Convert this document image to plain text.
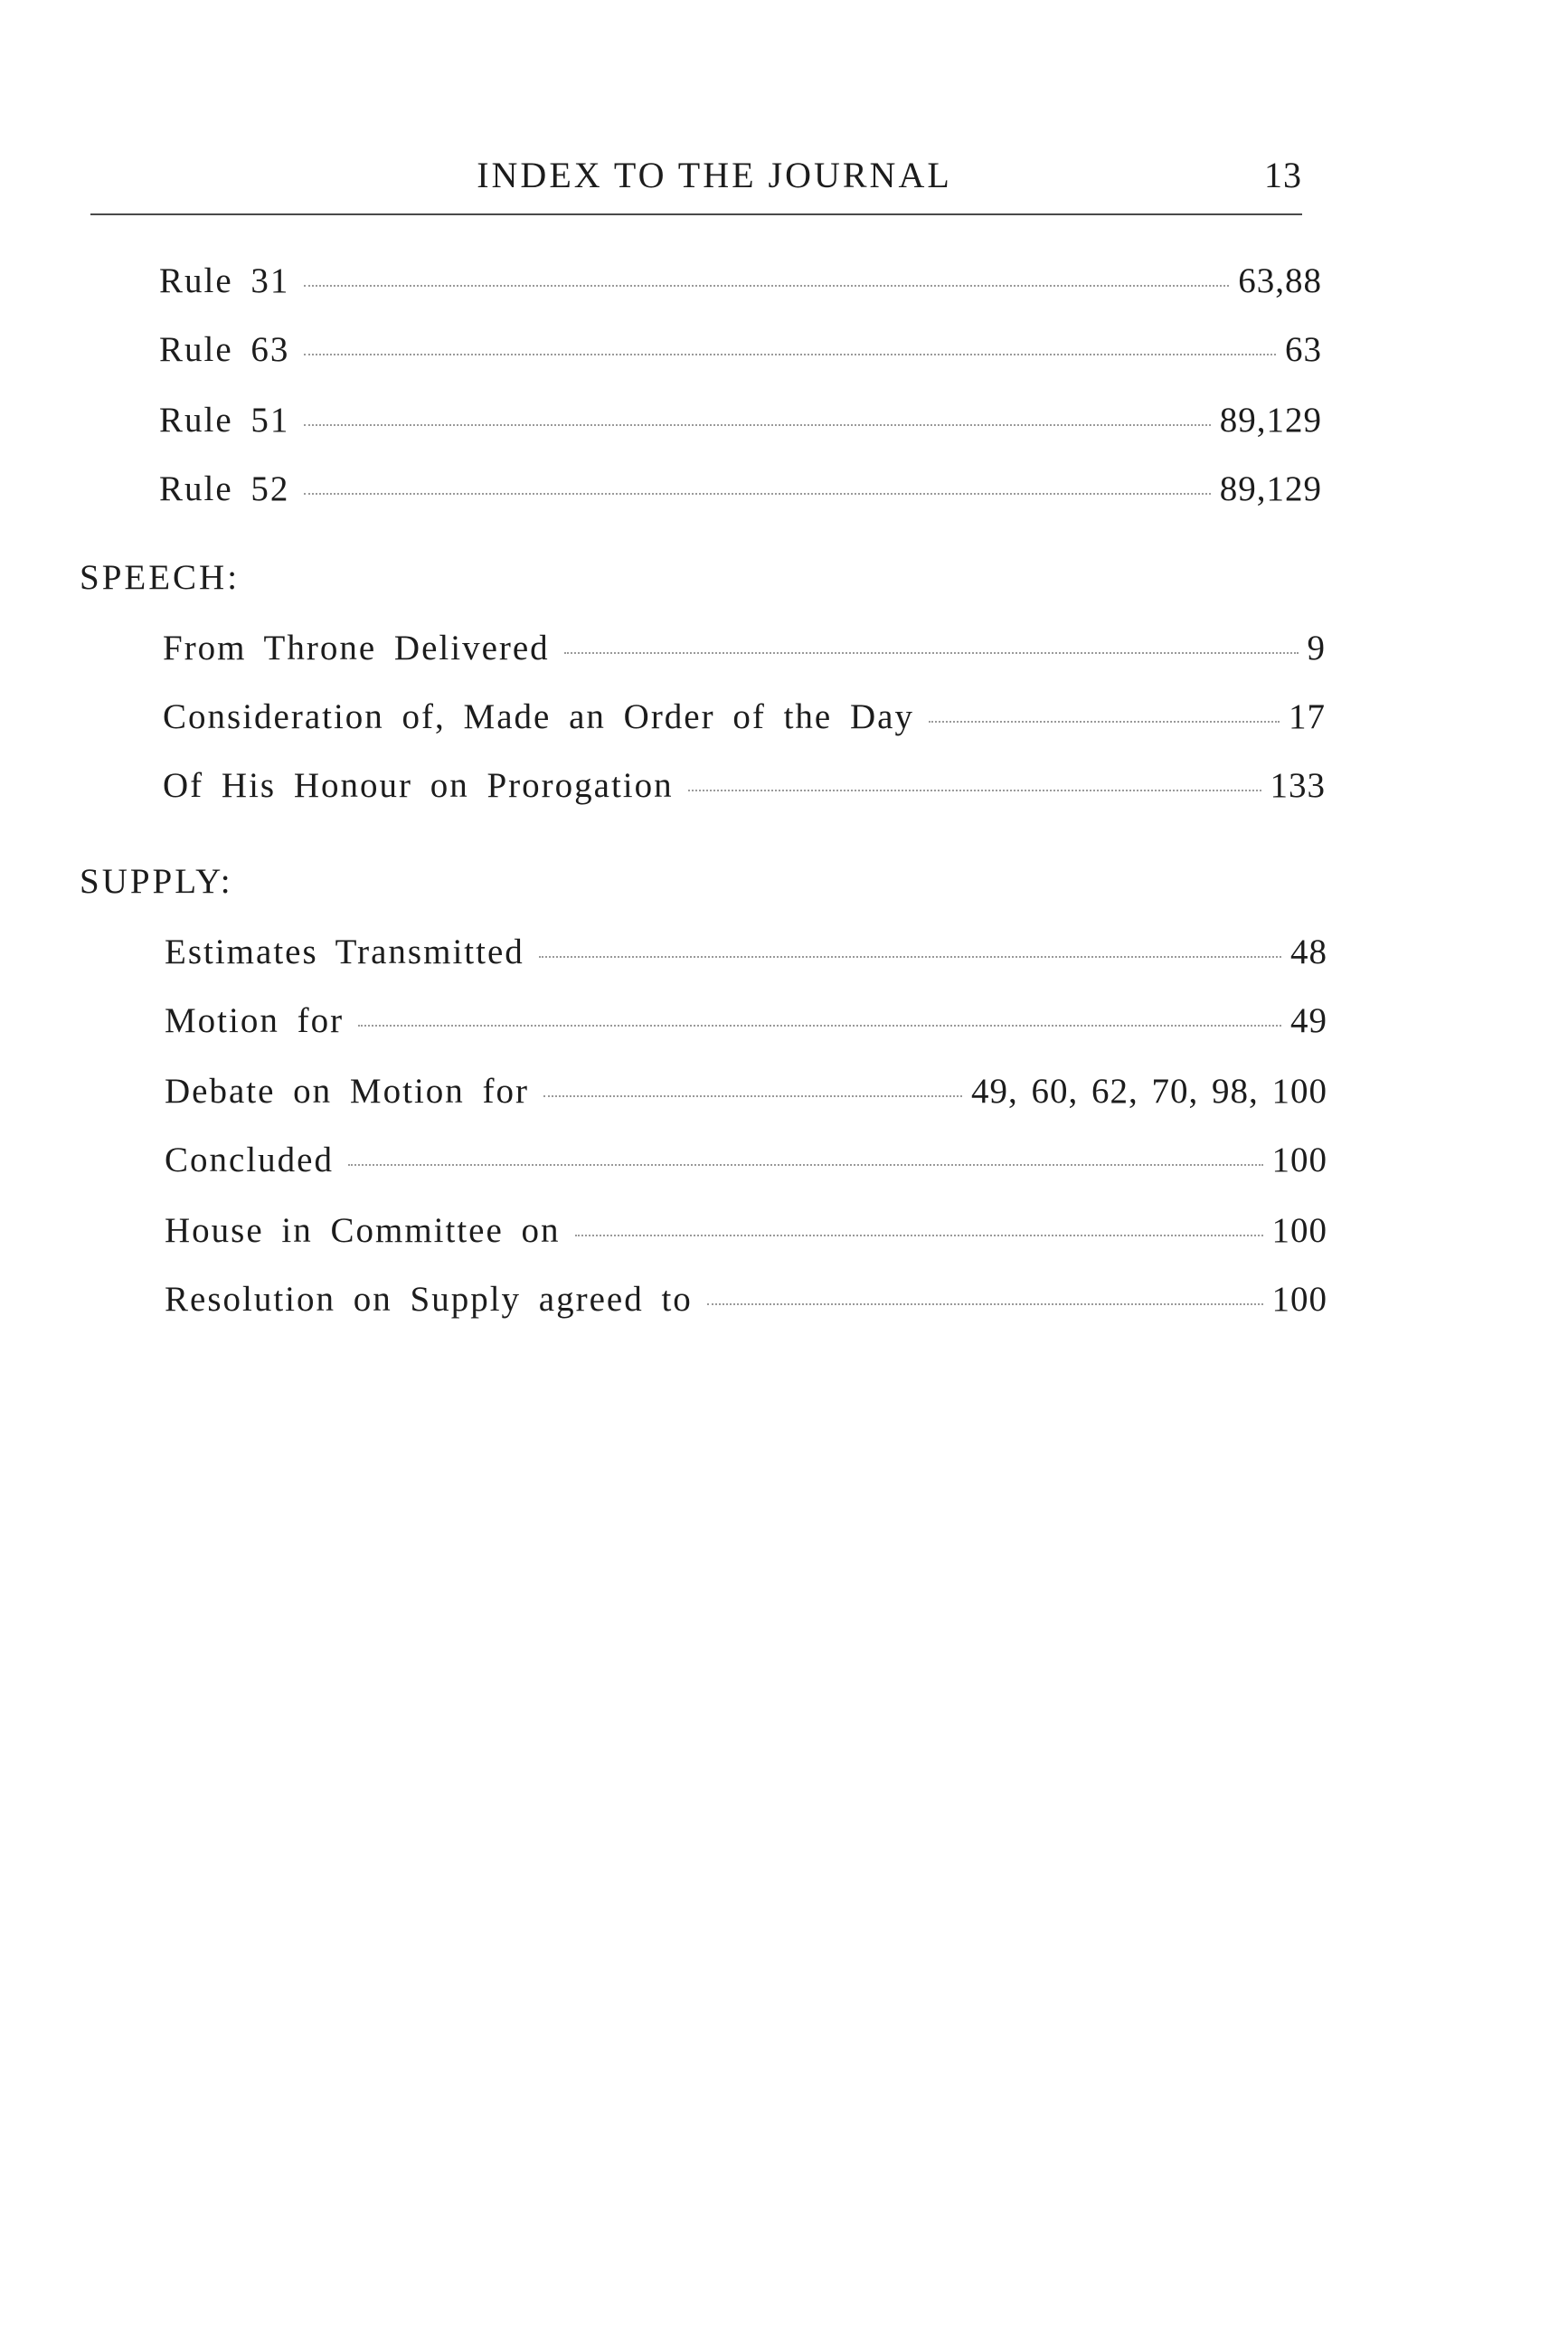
INDEX TO THE JOURNAL	13
Rule 31	63,88
Rule 63	63
Rule 51	89,129
Rule 52	89,129
SPEECH:
From Throne Delivered	9
Consideration of, Made an Order of the Day	17
Of His Honour on Prorogation	133
SUPPLY:
Estimates Transmitted	48
Motion for	49
Debate on Motion for	49, 60, 62, 70, 98, 100
Concluded	100
House in Committee on	100
Resolution on Supply agreed to	100
